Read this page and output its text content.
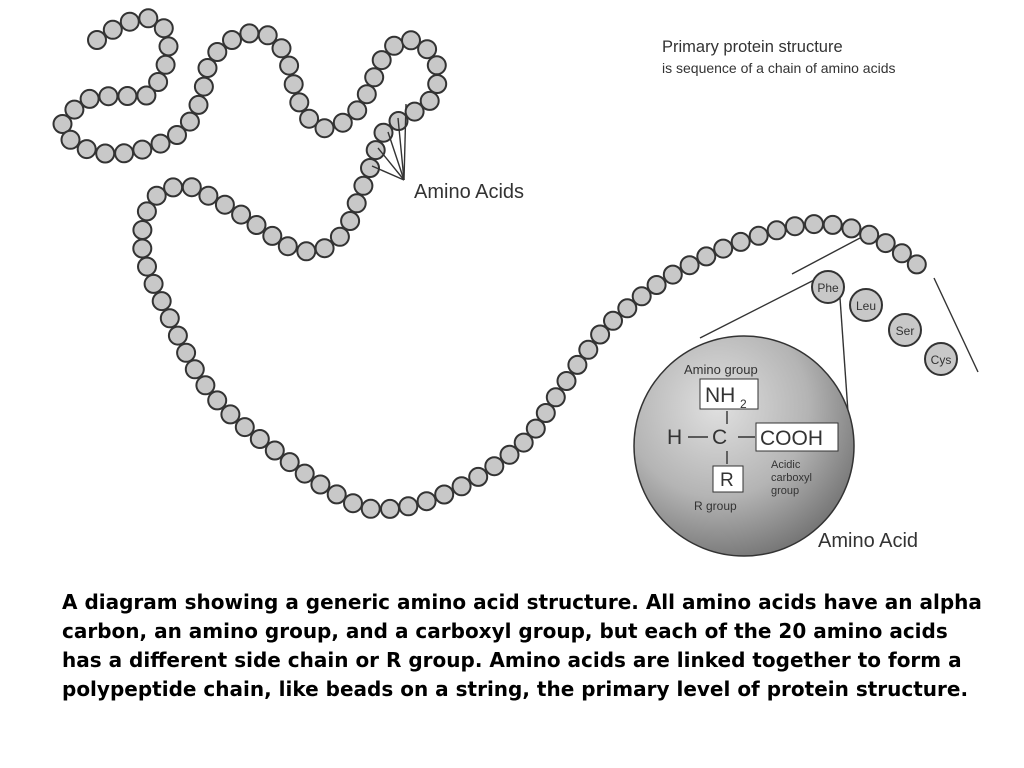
Primary protein structure
is sequence of a chain of amino acids
Amino Acids
Phe
Leu
Ser
Cys
Amino group
NH 2
H C COOH
R
Acidic
carboxyl
group
R group
Amino Acid

A diagram showing a generic amino acid structure. All amino acids have an alpha carbon, an amino group, and a carboxyl group, but each of the 20 amino acids has a different side chain or R group. Amino acids are linked together to form a polypeptide chain, like beads on a string, the primary level of protein structure.
